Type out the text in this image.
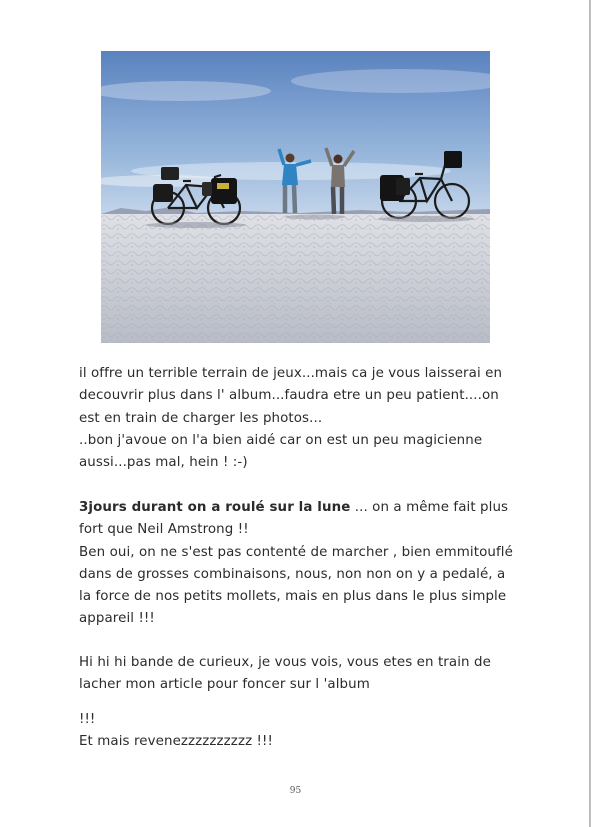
il offre un terrible terrain de jeux...mais ca je vous laisserai en

decouvrir plus dans l' album...faudra etre un peu patient....on

est en train de charger les photos...

..bon j'avoue on l'a bien aidé car on est un peu magicienne

aussi...pas mal, hein ! :-)

3jours durant on a roulé sur la lune ... on a même fait plus

fort que Neil Amstrong !!

Ben oui, on ne s'est pas contenté de marcher , bien emmitouflé

dans de grosses combinaisons, nous, non non on y a pedalé, a

la force de nos petits mollets, mais en plus dans le plus simple

appareil !!!

Hi hi hi bande de curieux, je vous vois, vous etes en train de

lacher mon article pour foncer sur l 'album

!!!

Et mais revenezzzzzzzzzz !!!

95
